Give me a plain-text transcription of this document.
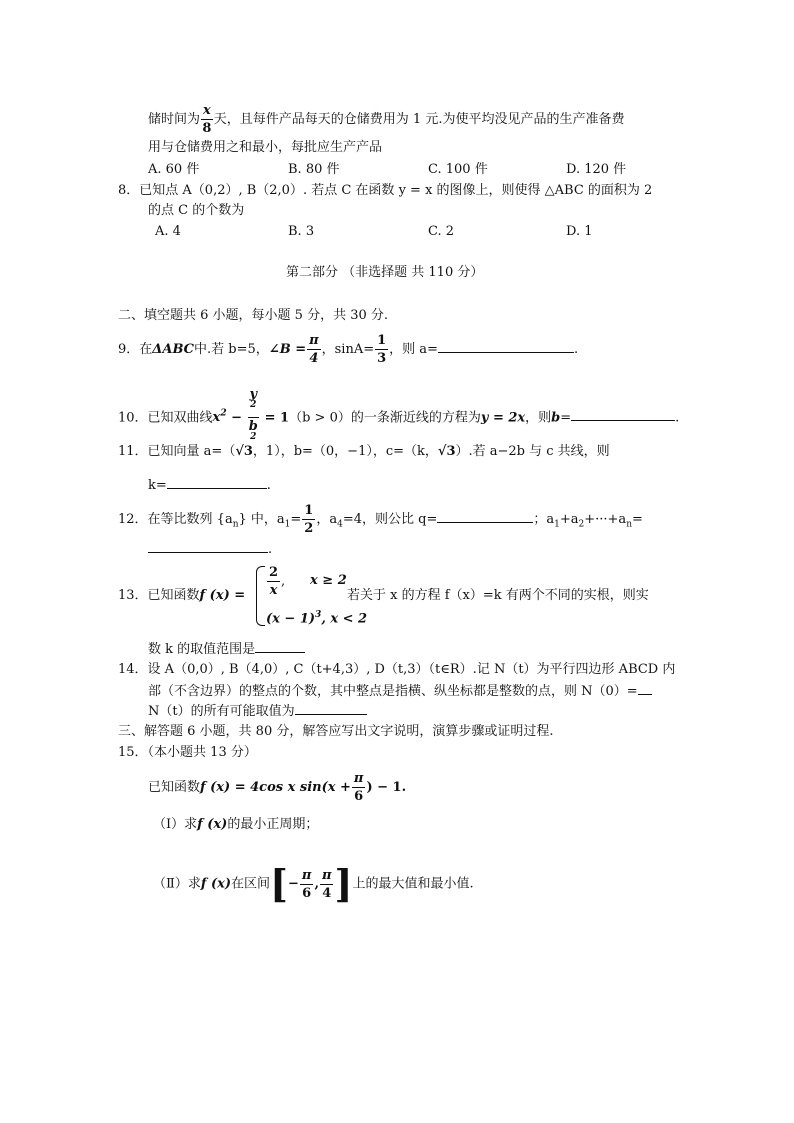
储时间为 $\frac{x}{8}$ 天，且每件产品每天的仓储费用为 1 元.为使平均没见产品的生产准备费
用与仓储费用之和最小，每批应生产产品
A. 60 件	B. 80 件	C. 100 件	D. 120 件
8．已知点 A（0,2）, B（2,0）. 若点 C 在函数 y = x 的图像上，则使得 △ABC 的面积为 2
的点 C 的个数为
A. 4	B. 3	C. 2	D. 1
第二部分 （非选择题 共 110 分）
二、填空题共 6 小题，每小题 5 分，共 30 分.
9．在ΔABC中.若 b=5，∠B = $\frac{\pi}{4}$ ，$\sin A= \frac{1}{3}$ ，则 a=	.
10．已知双曲线$x^2 - y$
$^2$
b
$^2$ = 1（b > 0）的一条渐近线的方程为y = 2x，则b=	.
11．已知向量 a=（√3，1），b=（0，−1），c=（k，√3）.若 a−2b 与 c 共线，则
k=	.
12．在等比数列 $\{a_n\}$ 中，$a_1= \frac{1}{2}$ ，$a_4=4$，则公比 q=	；$a_1+a_2+\cdot\cdot\cdot+a_n=$
.
13．已知函数f $(x) = \frac{2}{x}$ , x ≥ 2
$(x - 1)^3$, x < 2
若关于 x 的方程 f（x）=k 有两个不同的实根，则实
数 k 的取值范围是
14．设 A（0,0）, B（4,0）, C（t+4,3）, D（t,3）（t∈R）.记 N（t）为平行四边形 ABCD 内
部（不含边界）的整点的个数，其中整点是指横、纵坐标都是整数的点，则 N（0）=
N（t）的所有可能取值为
三、解答题 6 小题，共 80 分，解答应写出文字说明，演算步骤或证明过程.
15．（本小题共 13 分）
已知函数f (x) = 4cos x $\sin(x + \frac{\pi}{6}$ ) − 1.
（Ⅰ）求f (x)的最小正周期；
（Ⅱ）求f (x)在区间[− $\frac{\pi}{6}$ , $\frac{\pi}{4}$ ]上的最大值和最小值.
